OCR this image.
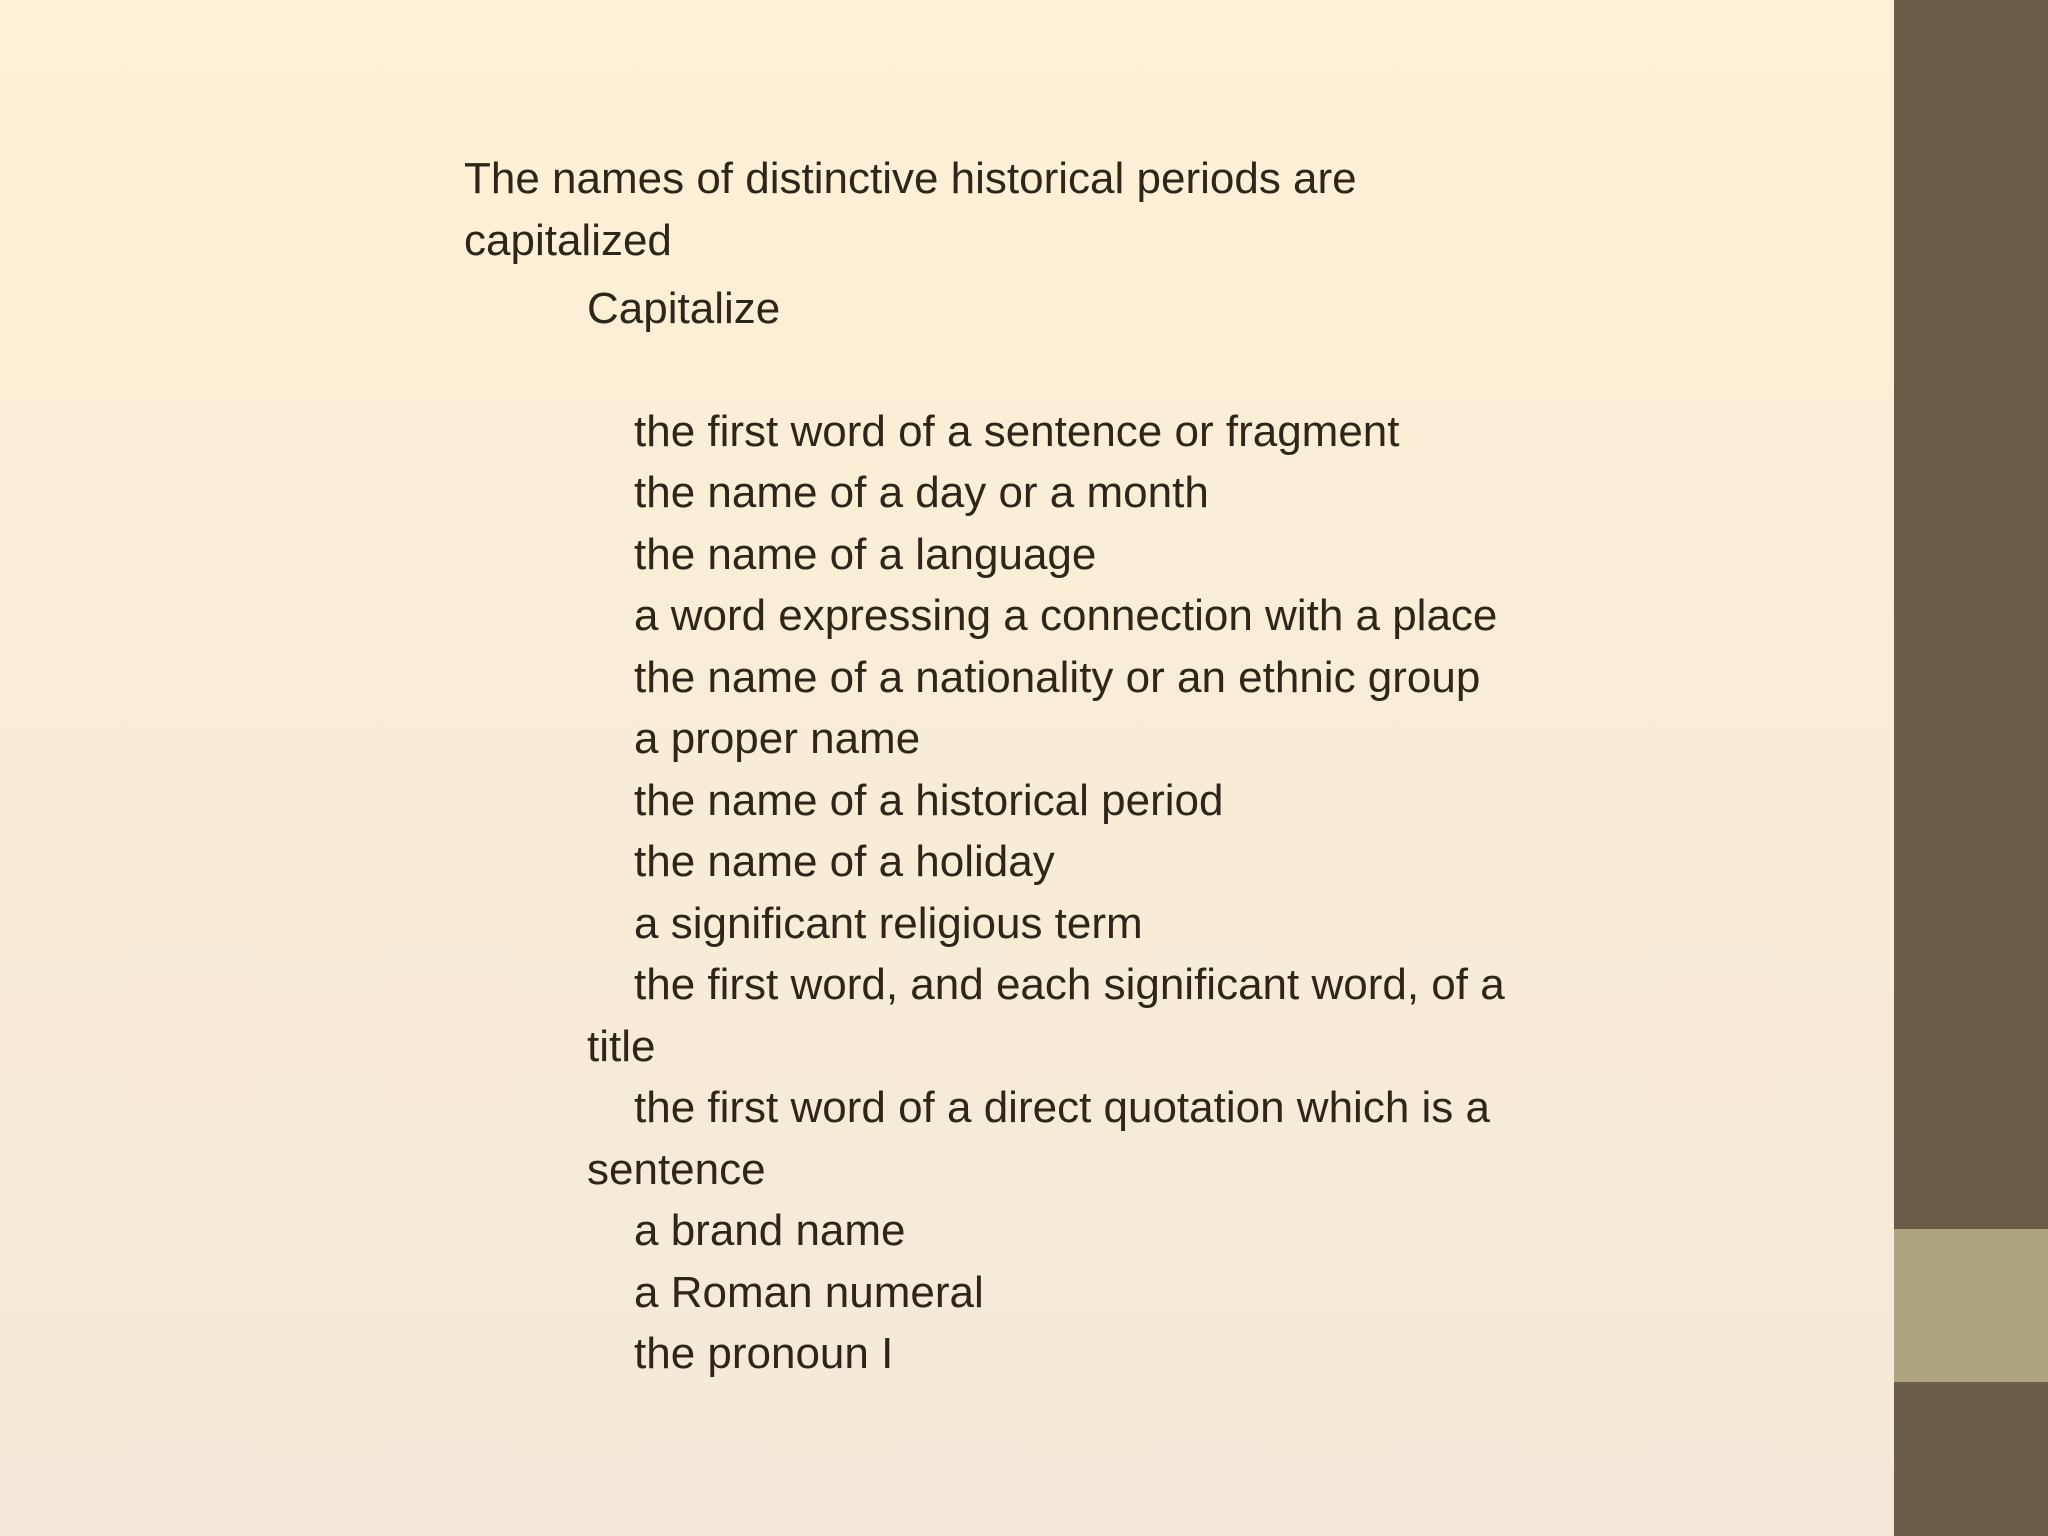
The names of distinctive historical periods are capitalized

Capitalize
the first word of a sentence or fragment
the name of a day or a month
the name of a language
a word expressing a connection with a place
the name of a nationality or an ethnic group
a proper name
the name of a historical period
the name of a holiday
a significant religious term
the first word, and each significant word, of a title
the first word of a direct quotation which is a sentence
a brand name
a Roman numeral
the pronoun I
